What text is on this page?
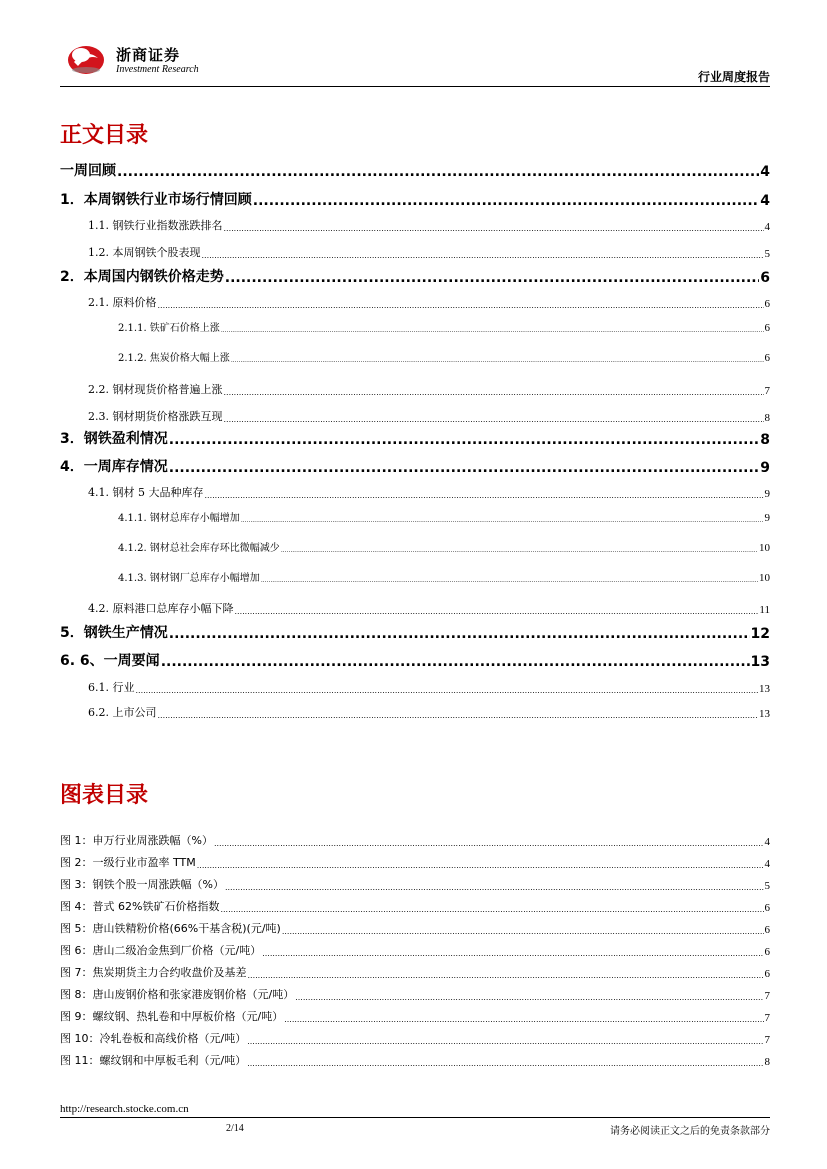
浙商证券
Investment Research
行业周度报告
正文目录
一周回顾 .....	4
1．本周钢铁行业市场行情回顾 .....	4
1.1. 钢铁行业指数涨跌排名 .....	4
1.2. 本周钢铁个股表现 .....	5
2．本周国内钢铁价格走势 .....	6
2.1. 原料价格 .....	6
2.1.1. 铁矿石价格上涨 .....	6
2.1.2. 焦炭价格大幅上涨 .....	6
2.2. 钢材现货价格普遍上涨 .....	7
2.3. 钢材期货价格涨跌互现 .....	8
3．钢铁盈利情况 .....	8
4．一周库存情况 .....	9
4.1. 钢材 5 大品种库存 .....	9
4.1.1. 钢材总库存小幅增加 .....	9
4.1.2. 钢材总社会库存环比微幅减少 .....	10
4.1.3. 钢材钢厂总库存小幅增加 .....	10
4.2. 原料港口总库存小幅下降 .....	11
5．钢铁生产情况 .....	12
6. 6、一周要闻 .....	13
6.1. 行业 .....	13
6.2. 上市公司 .....	13
图表目录
图 1：申万行业周涨跌幅（%） .....	4
图 2：一级行业市盈率 TTM .....	4
图 3：钢铁个股一周涨跌幅（%） .....	5
图 4：普式 62%铁矿石价格指数 .....	6
图 5：唐山铁精粉价格(66%干基含税)(元/吨) .....	6
图 6：唐山二级冶金焦到厂价格（元/吨） .....	6
图 7：焦炭期货主力合约收盘价及基差 .....	6
图 8：唐山废钢价格和张家港废钢价格（元/吨） .....	7
图 9：螺纹钢、热轧卷和中厚板价格（元/吨） .....	7
图 10：冷轧卷板和高线价格（元/吨） .....	7
图 11：螺纹钢和中厚板毛利（元/吨） .....	8
http://research.stocke.com.cn
2/14	请务必阅读正文之后的免责条款部分
